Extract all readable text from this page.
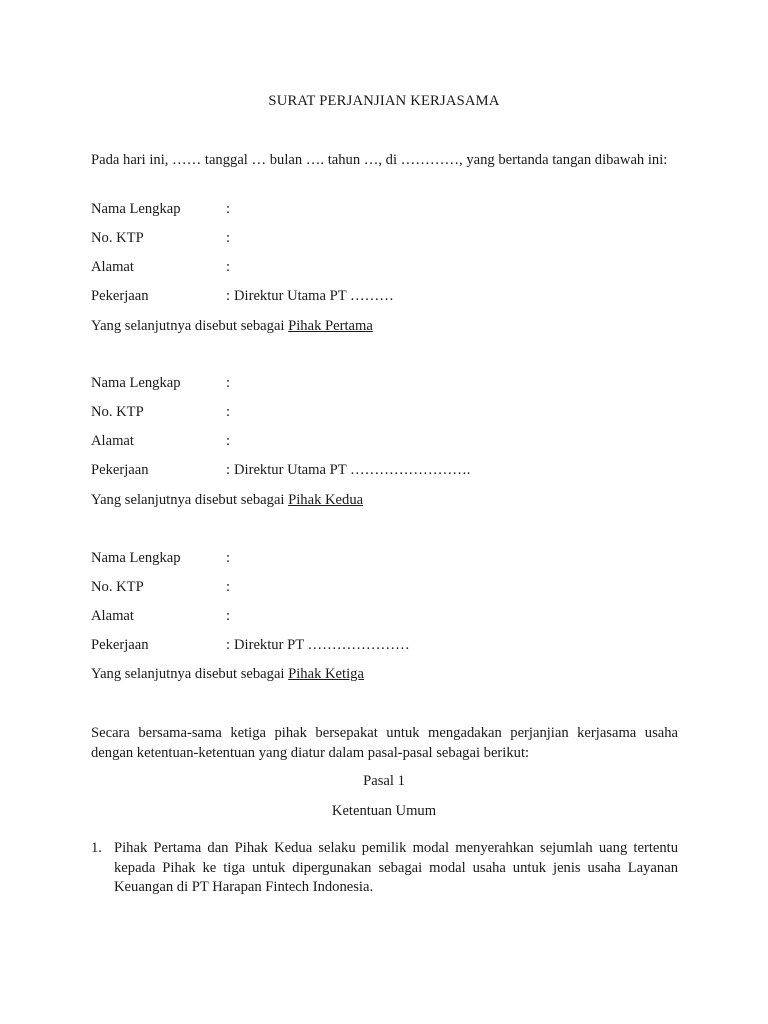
SURAT PERJANJIAN KERJASAMA
Pada hari ini, …… tanggal … bulan …. tahun …, di …………, yang bertanda tangan dibawah ini:
Nama Lengkap	:
No. KTP	:
Alamat	:
Pekerjaan	: Direktur Utama PT ………
Yang selanjutnya disebut sebagai Pihak Pertama
Nama Lengkap	:
No. KTP	:
Alamat	:
Pekerjaan	: Direktur Utama PT …………………….
Yang selanjutnya disebut sebagai Pihak Kedua
Nama Lengkap	:
No. KTP	:
Alamat	:
Pekerjaan	: Direktur PT …………………
Yang selanjutnya disebut sebagai Pihak Ketiga
Secara bersama-sama ketiga pihak bersepakat untuk mengadakan perjanjian kerjasama usaha dengan ketentuan-ketentuan yang diatur dalam pasal-pasal sebagai berikut:
Pasal 1
Ketentuan Umum
1. Pihak Pertama dan Pihak Kedua selaku pemilik modal menyerahkan sejumlah uang tertentu kepada Pihak ke tiga untuk dipergunakan sebagai modal usaha untuk jenis usaha Layanan Keuangan di PT Harapan Fintech Indonesia.
